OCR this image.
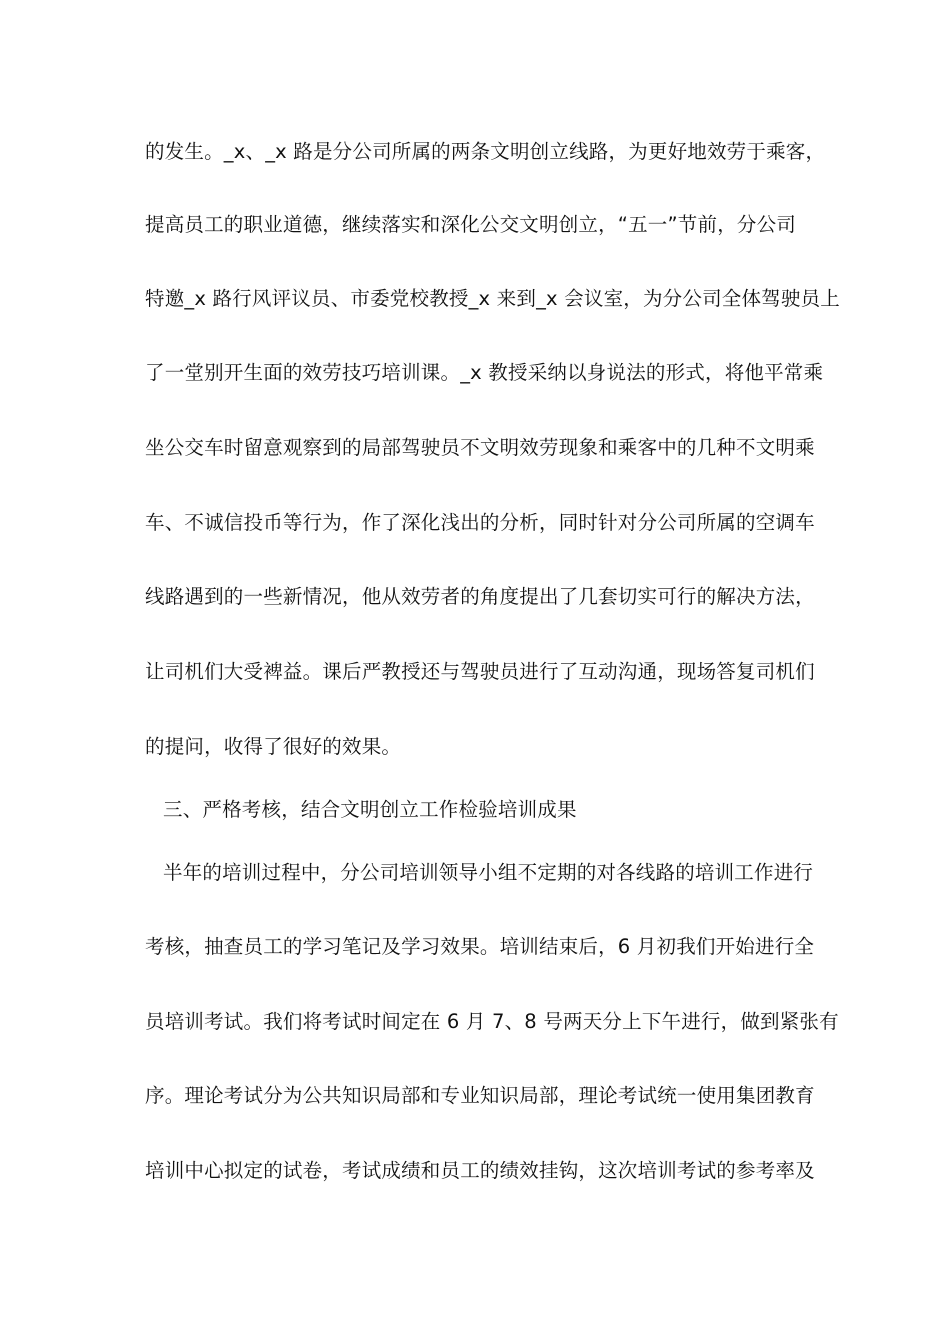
的发生。_x、_x 路是分公司所属的两条文明创立线路，为更好地效劳于乘客，
提高员工的职业道德，继续落实和深化公交文明创立，“五一”节前，分公司
特邀_x 路行风评议员、市委党校教授_x 来到_x 会议室，为分公司全体驾驶员上
了一堂别开生面的效劳技巧培训课。_x 教授采纳以身说法的形式，将他平常乘
坐公交车时留意观察到的局部驾驶员不文明效劳现象和乘客中的几种不文明乘
车、不诚信投币等行为，作了深化浅出的分析，同时针对分公司所属的空调车
线路遇到的一些新情况，他从效劳者的角度提出了几套切实可行的解决方法，
让司机们大受裨益。课后严教授还与驾驶员进行了互动沟通，现场答复司机们
的提问，收得了很好的效果。
三、严格考核，结合文明创立工作检验培训成果
半年的培训过程中，分公司培训领导小组不定期的对各线路的培训工作进行
考核，抽查员工的学习笔记及学习效果。培训结束后，6 月初我们开始进行全
员培训考试。我们将考试时间定在 6 月 7、8 号两天分上下午进行，做到紧张有
序。理论考试分为公共知识局部和专业知识局部，理论考试统一使用集团教育
培训中心拟定的试卷，考试成绩和员工的绩效挂钩，这次培训考试的参考率及
